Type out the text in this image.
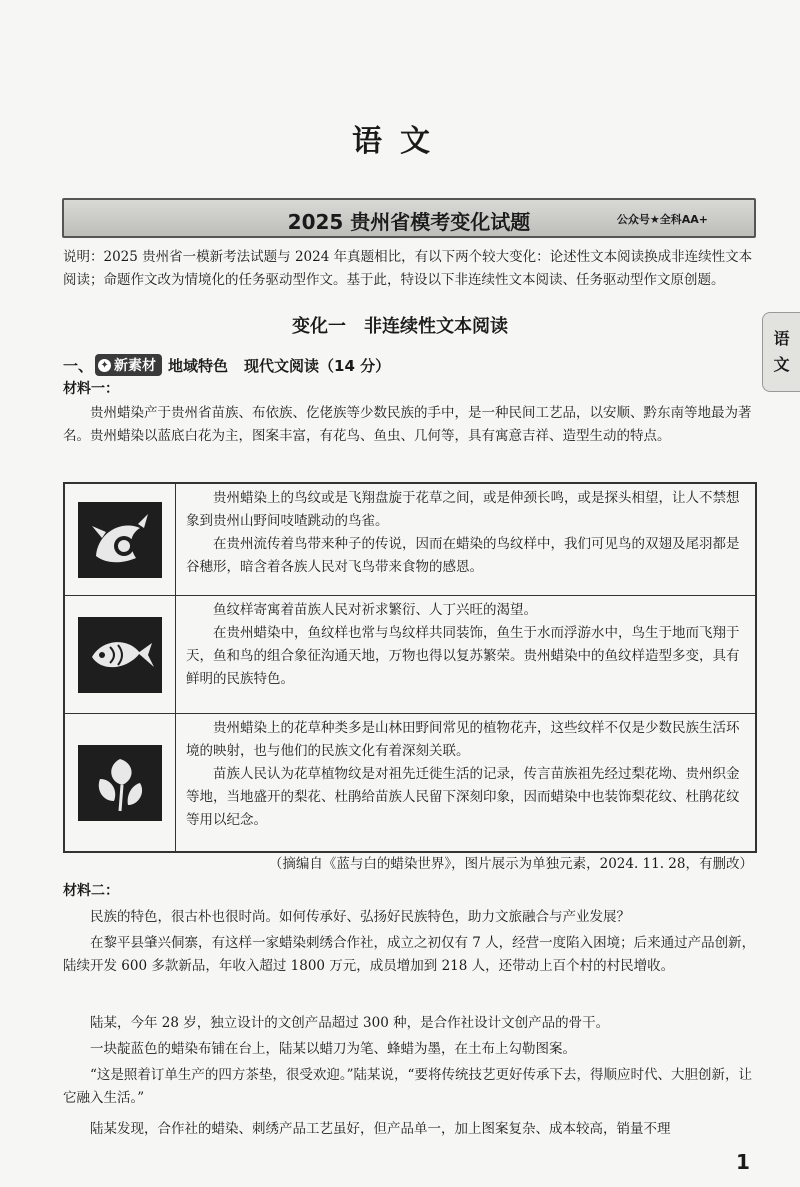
语文
2025 贵州省模考变化试题	公众号★全科AA+
语
文
说明：2025 贵州省一模新考法试题与 2024 年真题相比，有以下两个较大变化：论述性文本阅读换成非连续性文本阅读；命题作文改为情境化的任务驱动型作文。基于此，特设以下非连续性文本阅读、任务驱动型作文原创题。
变化一　非连续性文本阅读
一、 ✦ 新素材 地域特色 现代文阅读（14 分）
材料一：
贵州蜡染产于贵州省苗族、布依族、仡佬族等少数民族的手中，是一种民间工艺品，以安顺、黔东南等地最为著名。贵州蜡染以蓝底白花为主，图案丰富，有花鸟、鱼虫、几何等，具有寓意吉祥、造型生动的特点。

贵州蜡染上的鸟纹或是飞翔盘旋于花草之间，或是伸颈长鸣，或是探头相望，让人不禁想象到贵州山野间吱喳跳动的鸟雀。

在贵州流传着鸟带来种子的传说，因而在蜡染的鸟纹样中，我们可见鸟的双翅及尾羽都是谷穗形，暗含着各族人民对飞鸟带来食物的感恩。

鱼纹样寄寓着苗族人民对祈求繁衍、人丁兴旺的渴望。

在贵州蜡染中，鱼纹样也常与鸟纹样共同装饰，鱼生于水而浮游水中，鸟生于地而飞翔于天，鱼和鸟的组合象征沟通天地，万物也得以复苏繁荣。贵州蜡染中的鱼纹样造型多变，具有鲜明的民族特色。

贵州蜡染上的花草种类多是山林田野间常见的植物花卉，这些纹样不仅是少数民族生活环境的映射，也与他们的民族文化有着深刻关联。

苗族人民认为花草植物纹是对祖先迁徙生活的记录，传言苗族祖先经过梨花坳、贵州织金等地，当地盛开的梨花、杜鹃给苗族人民留下深刻印象，因而蜡染中也装饰梨花纹、杜鹃花纹等用以纪念。

（摘编自《蓝与白的蜡染世界》，图片展示为单独元素，2024. 11. 28，有删改）
材料二：
民族的特色，很古朴也很时尚。如何传承好、弘扬好民族特色，助力文旅融合与产业发展？
在黎平县肇兴侗寨，有这样一家蜡染刺绣合作社，成立之初仅有 7 人，经营一度陷入困境；后来通过产品创新，陆续开发 600 多款新品，年收入超过 1800 万元，成员增加到 218 人，还带动上百个村的村民增收。
陆某，今年 28 岁，独立设计的文创产品超过 300 种，是合作社设计文创产品的骨干。
一块靛蓝色的蜡染布铺在台上，陆某以蜡刀为笔、蜂蜡为墨，在土布上勾勒图案。
“这是照着订单生产的四方茶垫，很受欢迎。”陆某说，“要将传统技艺更好传承下去，得顺应时代、大胆创新，让它融入生活。”
陆某发现，合作社的蜡染、刺绣产品工艺虽好，但产品单一，加上图案复杂、成本较高，销量不理
1
